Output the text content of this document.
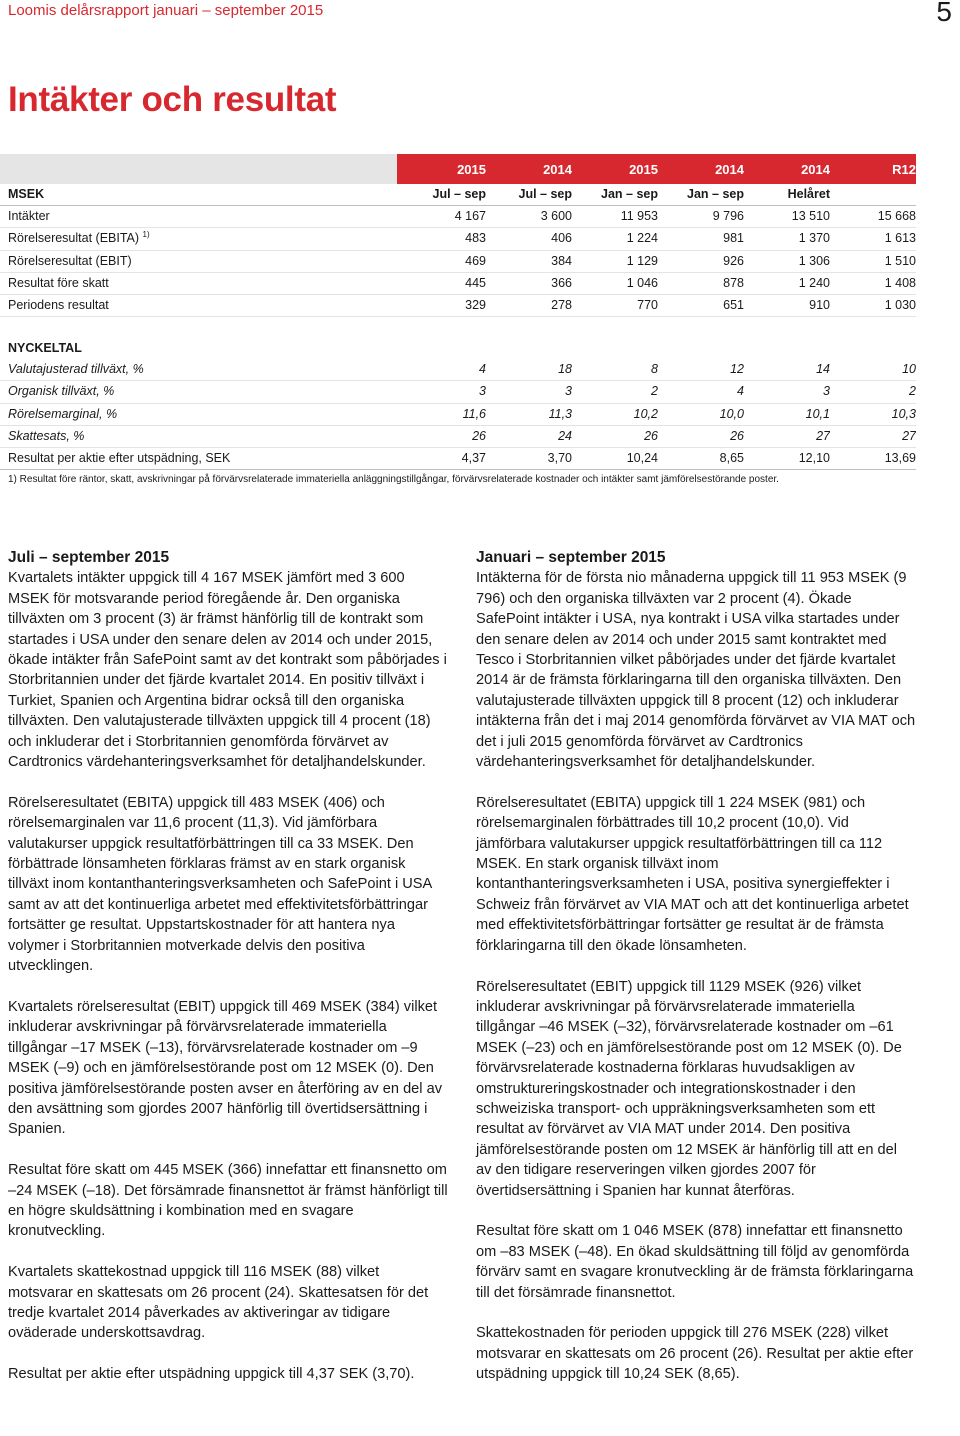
Loomis delårsrapport januari – september 2015	5
Intäkter och resultat
	2015	2014	2015	2014	2014	R12
MSEK	Jul – sep	Jul – sep	Jan – sep	Jan – sep	Helåret	
Intäkter	4 167	3 600	11 953	9 796	13 510	15 668
Rörelseresultat (EBITA) $^{1)}$	483	406	1 224	981	1 370	1 613
Rörelseresultat (EBIT)	469	384	1 129	926	1 306	1 510
Resultat före skatt	445	366	1 046	878	1 240	1 408
Periodens resultat	329	278	770	651	910	1 030
NYCKELTAL						
Valutajusterad tillväxt, %	4	18	8	12	14	10
Organisk tillväxt, %	3	3	2	4	3	2
Rörelsemarginal, %	11,6	11,3	10,2	10,0	10,1	10,3
Skattesats, %	26	24	26	26	27	27
Resultat per aktie efter utspädning, SEK	4,37	3,70	10,24	8,65	12,10	13,69
1) Resultat före räntor, skatt, avskrivningar på förvärvsrelaterade immateriella anläggningstillgångar, förvärvsrelaterade kostnader och intäkter samt jämförelsestörande poster.
Juli – september 2015

Kvartalets intäkter uppgick till 4 167 MSEK jämfört med 3 600 MSEK för motsvarande period föregående år. Den organiska tillväxten om 3 procent (3) är främst hänförlig till de kontrakt som startades i USA under den senare delen av 2014 och under 2015, ökade intäkter från SafePoint samt av det kontrakt som påbörjades i Storbritannien under det fjärde kvartalet 2014. En positiv tillväxt i Turkiet, Spanien och Argentina bidrar också till den organiska tillväxten. Den valutajusterade tillväxten uppgick till 4 procent (18) och inkluderar det i Storbritannien genomförda förvärvet av Cardtronics värdehanteringsverksamhet för detaljhandelskunder.

Rörelseresultatet (EBITA) uppgick till 483 MSEK (406) och rörelsemarginalen var 11,6 procent (11,3). Vid jämförbara valutakurser uppgick resultatförbättringen till ca 33 MSEK. Den förbättrade lönsamheten förklaras främst av en stark organisk tillväxt inom kontanthanteringsverksamheten och SafePoint i USA samt av att det kontinuerliga arbetet med effektivitetsförbättringar fortsätter ge resultat. Uppstartskostnader för att hantera nya volymer i Storbritannien motverkade delvis den positiva utvecklingen.

Kvartalets rörelseresultat (EBIT) uppgick till 469 MSEK (384) vilket inkluderar avskrivningar på förvärvsrelaterade immateriella tillgångar –17 MSEK (–13), förvärvsrelaterade kostnader om –9 MSEK (–9) och en jämförelsestörande post om 12 MSEK (0). Den positiva jämförelsestörande posten avser en återföring av en del av den avsättning som gjordes 2007 hänförlig till övertidsersättning i Spanien.

Resultat före skatt om 445 MSEK (366) innefattar ett finansnetto om –24 MSEK (–18). Det försämrade finansnettot är främst hänförligt till en högre skuldsättning i kombination med en svagare kronutveckling.

Kvartalets skattekostnad uppgick till 116 MSEK (88) vilket motsvarar en skattesats om 26 procent (24). Skattesatsen för det tredje kvartalet 2014 påverkades av aktiveringar av tidigare oväderade underskottsavdrag.

Resultat per aktie efter utspädning uppgick till 4,37 SEK (3,70).

Januari – september 2015

Intäkterna för de första nio månaderna uppgick till 11 953 MSEK (9 796) och den organiska tillväxten var 2 procent (4). Ökade SafePoint intäkter i USA, nya kontrakt i USA vilka startades under den senare delen av 2014 och under 2015 samt kontraktet med Tesco i Storbritannien vilket påbörjades under det fjärde kvartalet 2014 är de främsta förklaringarna till den organiska tillväxten. Den valutajusterade tillväxten uppgick till 8 procent (12) och inkluderar intäkterna från det i maj 2014 genomförda förvärvet av VIA MAT och det i juli 2015 genomförda förvärvet av Cardtronics värdehanteringsverksamhet för detaljhandelskunder.

Rörelseresultatet (EBITA) uppgick till 1 224 MSEK (981) och rörelsemarginalen förbättrades till 10,2 procent (10,0). Vid jämförbara valutakurser uppgick resultatförbättringen till ca 112 MSEK. En stark organisk tillväxt inom kontanthanteringsverksamheten i USA, positiva synergieffekter i Schweiz från förvärvet av VIA MAT och att det kontinuerliga arbetet med effektivitetsförbättringar fortsätter ge resultat är de främsta förklaringarna till den ökade lönsamheten.

Rörelseresultatet (EBIT) uppgick till 1129 MSEK (926) vilket inkluderar avskrivningar på förvärvsrelaterade immateriella tillgångar –46 MSEK (–32), förvärvsrelaterade kostnader om –61 MSEK (–23) och en jämförelsestörande post om 12 MSEK (0). De förvärvsrelaterade kostnaderna förklaras huvudsakligen av omstruktureringskostnader och integrationskostnader i den schweiziska transport- och uppräkningsverksamheten som ett resultat av förvärvet av VIA MAT under 2014. Den positiva jämförelsestörande posten om 12 MSEK är hänförlig till att en del av den tidigare reserveringen vilken gjordes 2007 för övertidsersättning i Spanien har kunnat återföras.

Resultat före skatt om 1 046 MSEK (878) innefattar ett finansnetto om –83 MSEK (–48). En ökad skuldsättning till följd av genomförda förvärv samt en svagare kronutveckling är de främsta förklaringarna till det försämrade finansnettot.

Skattekostnaden för perioden uppgick till 276 MSEK (228) vilket motsvarar en skattesats om 26 procent (26). Resultat per aktie efter utspädning uppgick till 10,24 SEK (8,65).
